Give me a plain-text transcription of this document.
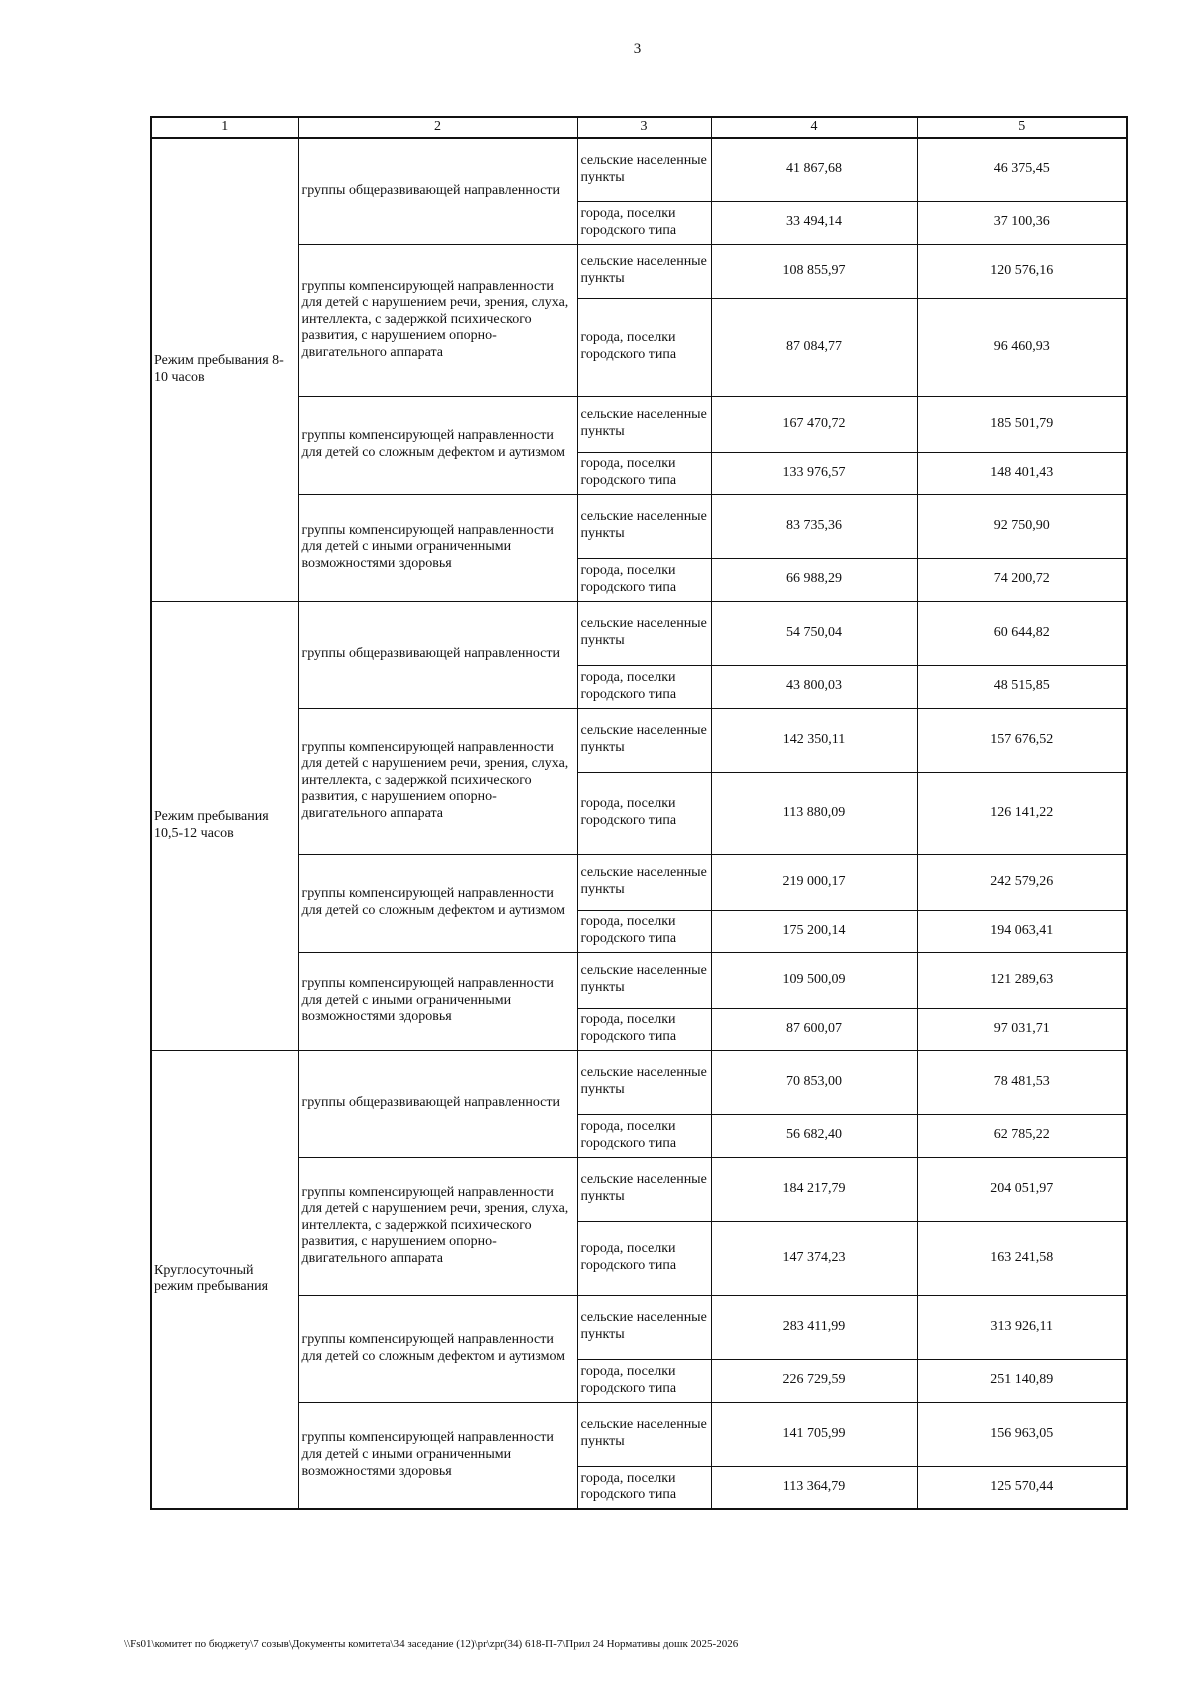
3
1	2	3	4	5
Режим пребывания 8-10 часов	группы общеразвивающей направленности	сельские населенные пункты	41 867,68	46 375,45
		города, поселки городского типа	33 494,14	37 100,36
	группы компенсирующей направленности для детей с нарушением речи, зрения, слуха, интеллекта, с задержкой психического развития, с нарушением опорно-двигательного аппарата	сельские населенные пункты	108 855,97	120 576,16
		города, поселки городского типа	87 084,77	96 460,93
	группы компенсирующей направленности для детей со сложным дефектом и аутизмом	сельские населенные пункты	167 470,72	185 501,79
		города, поселки городского типа	133 976,57	148 401,43
	группы компенсирующей направленности для детей с иными ограниченными возможностями здоровья	сельские населенные пункты	83 735,36	92 750,90
		города, поселки городского типа	66 988,29	74 200,72
Режим пребывания 10,5-12 часов	группы общеразвивающей направленности	сельские населенные пункты	54 750,04	60 644,82
		города, поселки городского типа	43 800,03	48 515,85
	группы компенсирующей направленности для детей с нарушением речи, зрения, слуха, интеллекта, с задержкой психического развития, с нарушением опорно-двигательного аппарата	сельские населенные пункты	142 350,11	157 676,52
		города, поселки городского типа	113 880,09	126 141,22
	группы компенсирующей направленности для детей со сложным дефектом и аутизмом	сельские населенные пункты	219 000,17	242 579,26
		города, поселки городского типа	175 200,14	194 063,41
	группы компенсирующей направленности для детей с иными ограниченными возможностями здоровья	сельские населенные пункты	109 500,09	121 289,63
		города, поселки городского типа	87 600,07	97 031,71
Круглосуточный режим пребывания	группы общеразвивающей направленности	сельские населенные пункты	70 853,00	78 481,53
		города, поселки городского типа	56 682,40	62 785,22
	группы компенсирующей направленности для детей с нарушением речи, зрения, слуха, интеллекта, с задержкой психического развития, с нарушением опорно-двигательного аппарата	сельские населенные пункты	184 217,79	204 051,97
		города, поселки городского типа	147 374,23	163 241,58
	группы компенсирующей направленности для детей со сложным дефектом и аутизмом	сельские населенные пункты	283 411,99	313 926,11
		города, поселки городского типа	226 729,59	251 140,89
	группы компенсирующей направленности для детей с иными ограниченными возможностями здоровья	сельские населенные пункты	141 705,99	156 963,05
		города, поселки городского типа	113 364,79	125 570,44
\\Fs01\комитет по бюджету\7 созыв\Документы комитета\34 заседание (12)\pr\zpr(34) 618-П-7\Прил 24 Нормативы дошк 2025-2026
